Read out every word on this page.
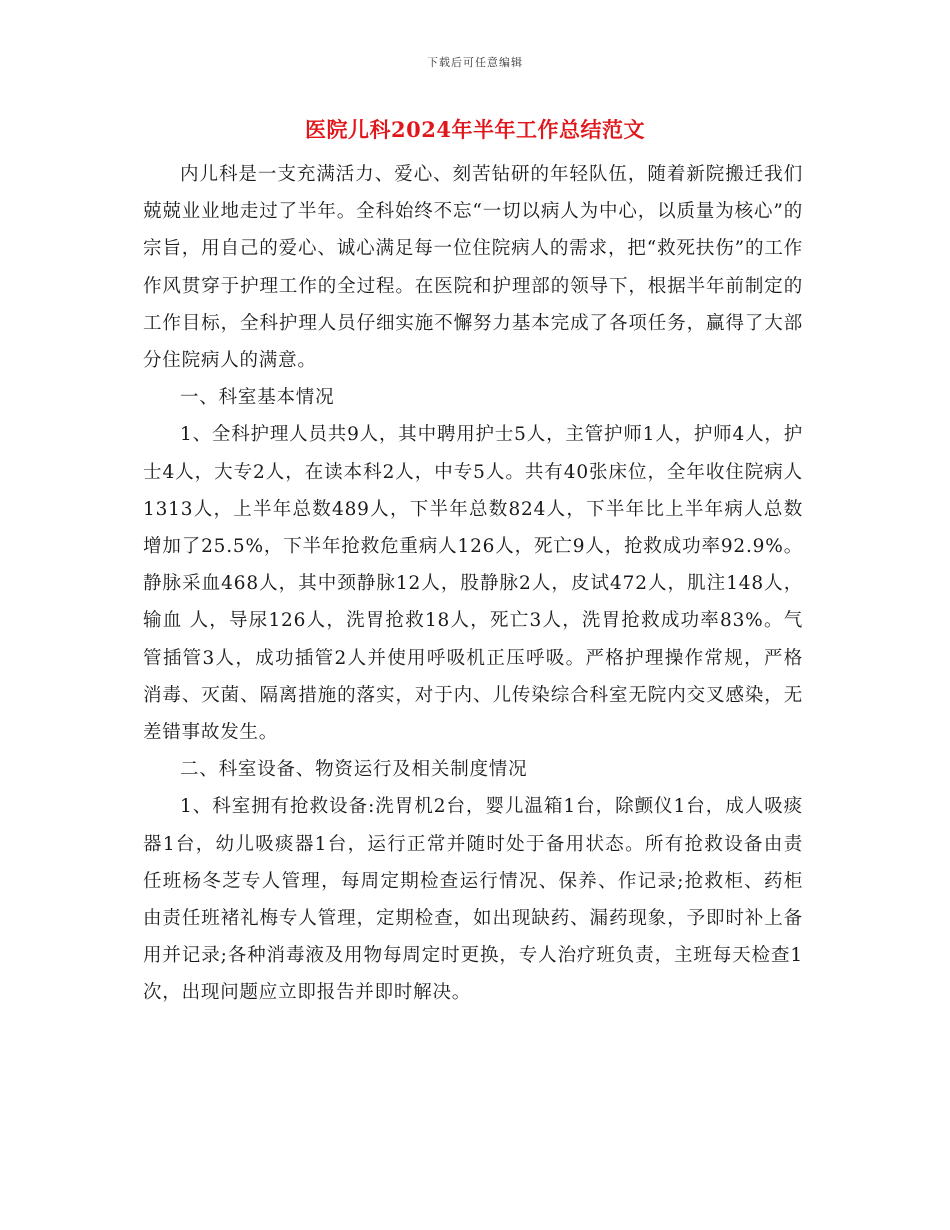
下载后可任意编辑
医院儿科2024年半年工作总结范文

内儿科是一支充满活力、爱心、刻苦钻研的年轻队伍，随着新院搬迁我们兢兢业业地走过了半年。全科始终不忘“一切以病人为中心，以质量为核心”的宗旨，用自己的爱心、诚心满足每一位住院病人的需求，把“救死扶伤”的工作作风贯穿于护理工作的全过程。在医院和护理部的领导下，根据半年前制定的工作目标，全科护理人员仔细实施不懈努力基本完成了各项任务，赢得了大部分住院病人的满意。

一、科室基本情况

1、全科护理人员共9人，其中聘用护士5人，主管护师1人，护师4人，护士4人，大专2人，在读本科2人，中专5人。共有40张床位，全年收住院病人1313人，上半年总数489人，下半年总数824人，下半年比上半年病人总数增加了25.5%，下半年抢救危重病人126人，死亡9人，抢救成功率92.9%。静脉采血468人，其中颈静脉12人，股静脉2人，皮试472人，肌注148人，输血 人，导尿126人，洗胃抢救18人，死亡3人，洗胃抢救成功率83%。气管插管3人，成功插管2人并使用呼吸机正压呼吸。严格护理操作常规，严格消毒、灭菌、隔离措施的落实，对于内、儿传染综合科室无院内交叉感染，无差错事故发生。

二、科室设备、物资运行及相关制度情况

1、科室拥有抢救设备:洗胃机2台，婴儿温箱1台，除颤仪1台，成人吸痰器1台，幼儿吸痰器1台，运行正常并随时处于备用状态。所有抢救设备由责任班杨冬芝专人管理，每周定期检查运行情况、保养、作记录;抢救柜、药柜由责任班褚礼梅专人管理，定期检查，如出现缺药、漏药现象，予即时补上备用并记录;各种消毒液及用物每周定时更换，专人治疗班负责，主班每天检查1次，出现问题应立即报告并即时解决。
